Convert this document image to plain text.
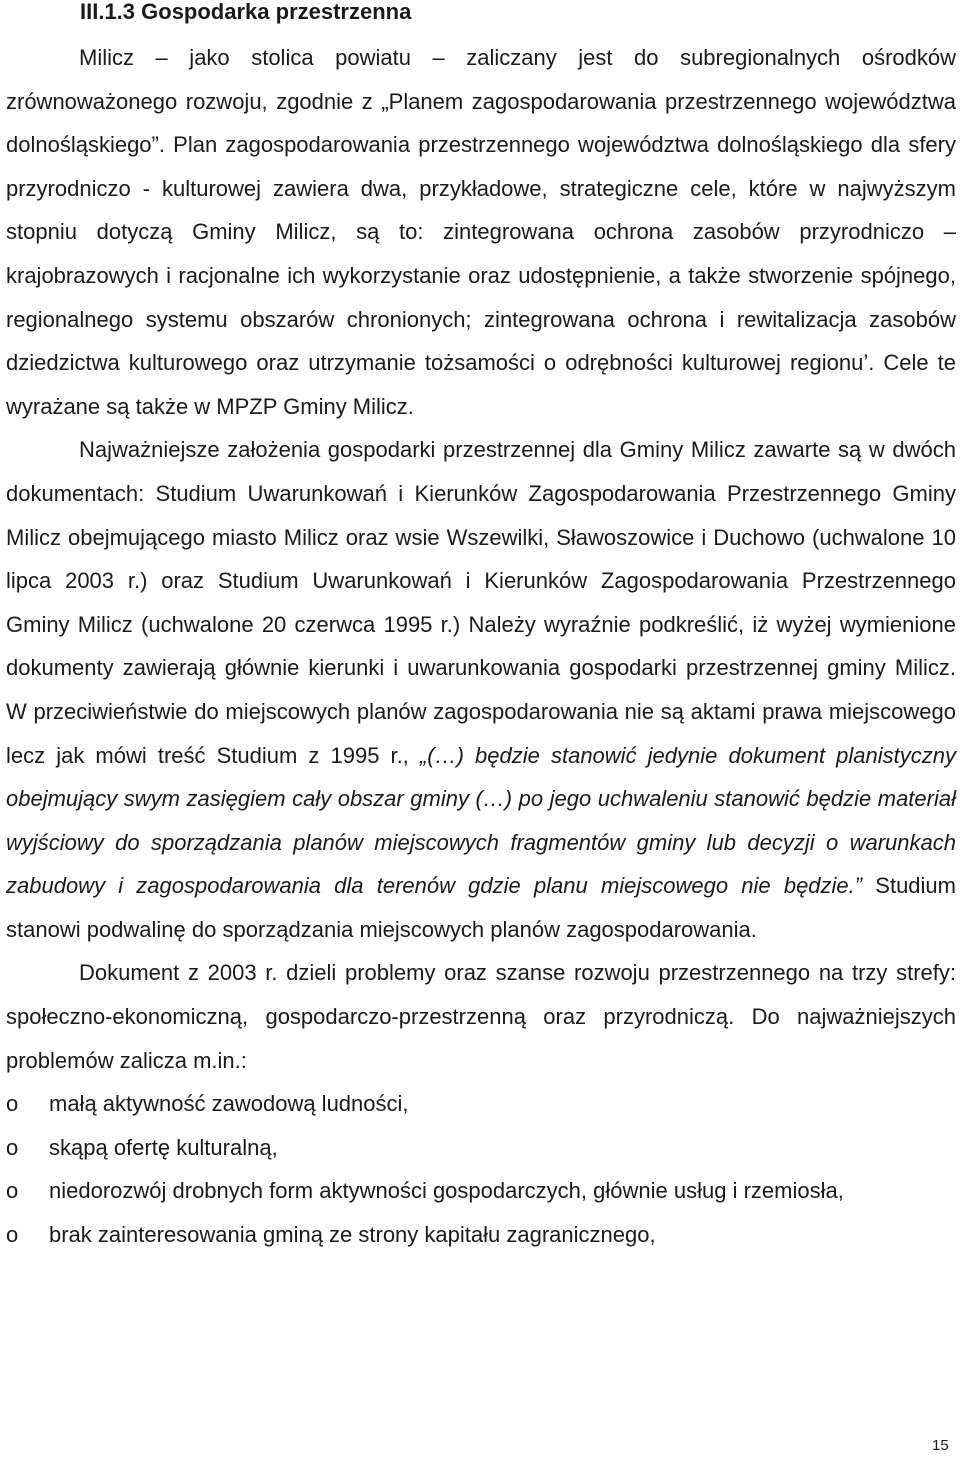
III.1.3 Gospodarka przestrzenna

Milicz – jako stolica powiatu – zaliczany jest do subregionalnych ośrodków zrównoważonego rozwoju, zgodnie z „Planem zagospodarowania przestrzennego województwa dolnośląskiego”. Plan zagospodarowania przestrzennego województwa dolnośląskiego dla sfery przyrodniczo - kulturowej zawiera dwa, przykładowe, strategiczne cele, które w najwyższym stopniu dotyczą Gminy Milicz, są to: zintegrowana ochrona zasobów przyrodniczo – krajobrazowych i racjonalne ich wykorzystanie oraz udostępnienie, a także stworzenie spójnego, regionalnego systemu obszarów chronionych; zintegrowana ochrona i rewitalizacja zasobów dziedzictwa kulturowego oraz utrzymanie tożsamości o odrębności kulturowej regionu’. Cele te wyrażane są także w MPZP Gminy Milicz.

Najważniejsze założenia gospodarki przestrzennej dla Gminy Milicz zawarte są w dwóch dokumentach: Studium Uwarunkowań i Kierunków Zagospodarowania Przestrzennego Gminy Milicz obejmującego miasto Milicz oraz wsie Wszewilki, Sławoszowice i Duchowo (uchwalone 10 lipca 2003 r.) oraz Studium Uwarunkowań i Kierunków Zagospodarowania Przestrzennego Gminy Milicz (uchwalone 20 czerwca 1995 r.) Należy wyraźnie podkreślić, iż wyżej wymienione dokumenty zawierają głównie kierunki i uwarunkowania gospodarki przestrzennej gminy Milicz. W przeciwieństwie do miejscowych planów zagospodarowania nie są aktami prawa miejscowego lecz jak mówi treść Studium z 1995 r., „(…) będzie stanowić jedynie dokument planistyczny obejmujący swym zasięgiem cały obszar gminy (…) po jego uchwaleniu stanowić będzie materiał wyjściowy do sporządzania planów miejscowych fragmentów gminy lub decyzji o warunkach zabudowy i zagospodarowania dla terenów gdzie planu miejscowego nie będzie.” Studium stanowi podwalinę do sporządzania miejscowych planów zagospodarowania.

Dokument z 2003 r. dzieli problemy oraz szanse rozwoju przestrzennego na trzy strefy: społeczno-ekonomiczną, gospodarczo-przestrzenną oraz przyrodniczą. Do najważniejszych problemów zalicza m.in.:

o małą aktywność zawodową ludności,
o skąpą ofertę kulturalną,
o niedorozwój drobnych form aktywności gospodarczych, głównie usług i rzemiosła,
o brak zainteresowania gminą ze strony kapitału zagranicznego,
15
